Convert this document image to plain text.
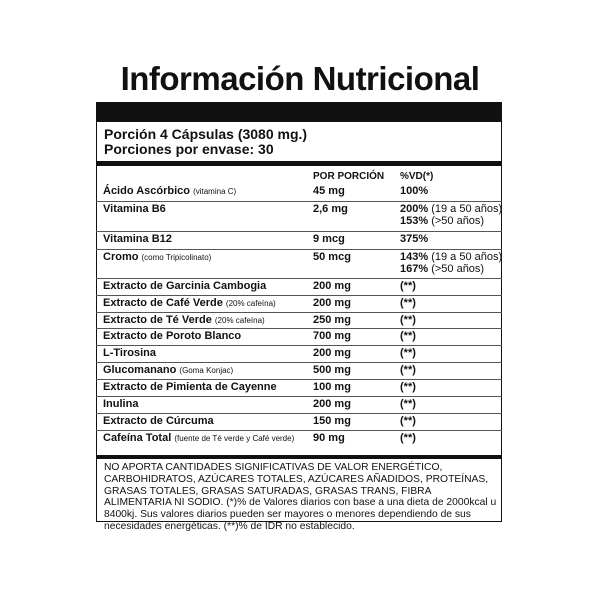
Información Nutricional
Porción 4 Cápsulas (3080 mg.)
Porciones por envase: 30
POR PORCIÓN %VD(*)
Ácido Ascórbico (vitamina C)	45 mg	100%
Vitamina B6	2,6 mg	200% (19 a 50 años)
153% (>50 años)
Vitamina B12	9 mcg	375%
Cromo (como Tripicolinato)	50 mcg	143% (19 a 50 años)
167% (>50 años)
Extracto de Garcinia Cambogia	200 mg	(**)
Extracto de Café Verde (20% cafeína)	200 mg	(**)
Extracto de Té Verde (20% cafeína)	250 mg	(**)
Extracto de Poroto Blanco	700 mg	(**)
L-Tirosina	200 mg	(**)
Glucomanano (Goma Konjac)	500 mg	(**)
Extracto de Pimienta de Cayenne	100 mg	(**)
Inulina	200 mg	(**)
Extracto de Cúrcuma	150 mg	(**)
Cafeína Total (fuente de Té verde y Café verde) 90 mg	(**)
NO APORTA CANTIDADES SIGNIFICATIVAS DE VALOR ENERGÉTICO, CARBOHIDRATOS, AZÚCARES TOTALES, AZÚCARES AÑADIDOS, PROTEÍNAS, GRASAS TOTALES, GRASAS SATURADAS, GRASAS TRANS, FIBRA ALIMENTARIA NI SODIO. (*)% de Valores diarios con base a una dieta de 2000kcal u 8400kj. Sus valores diarios pueden ser mayores o menores dependiendo de sus necesidades energéticas. (**)% de IDR no establecido.
